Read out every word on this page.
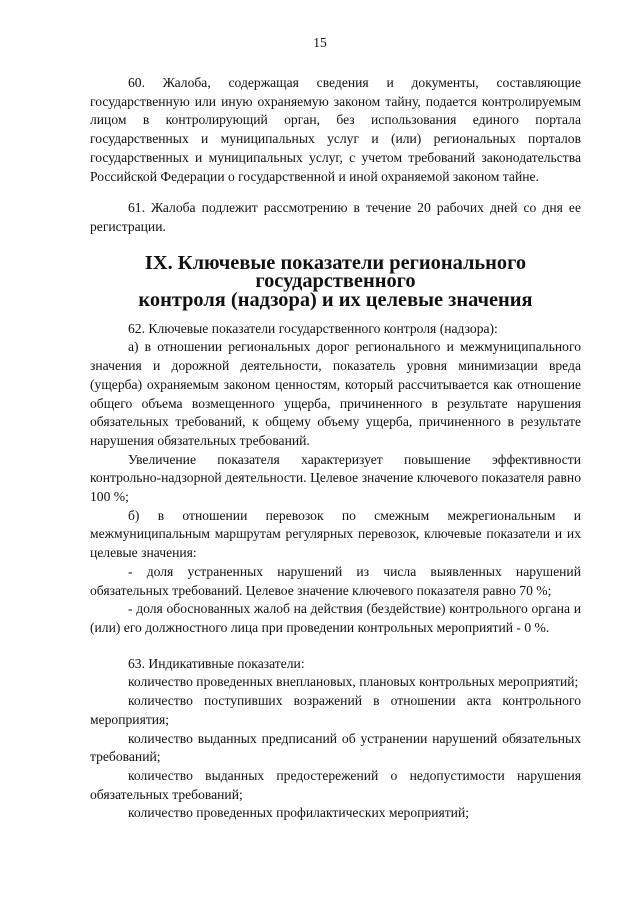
15

60. Жалоба, содержащая сведения и документы, составляющие государственную или иную охраняемую законом тайну, подается контролируемым лицом в контролирующий орган, без использования единого портала государственных и муниципальных услуг и (или) региональных порталов государственных и муниципальных услуг, с учетом требований законодательства Российской Федерации о государственной и иной охраняемой законом тайне.

61. Жалоба подлежит рассмотрению в течение 20 рабочих дней со дня ее регистрации.

IX. Ключевые показатели регионального государственного
контроля (надзора) и их целевые значения

62. Ключевые показатели государственного контроля (надзора):

а) в отношении региональных дорог регионального и межмуниципального значения и дорожной деятельности, показатель уровня минимизации вреда (ущерба) охраняемым законом ценностям, который рассчитывается как отношение общего объема возмещенного ущерба, причиненного в результате нарушения обязательных требований, к общему объему ущерба, причиненного в результате нарушения обязательных требований.

Увеличение показателя характеризует повышение эффективности контрольно-надзорной деятельности. Целевое значение ключевого показателя равно 100 %;

б) в отношении перевозок по смежным межрегиональным и межмуниципальным маршрутам регулярных перевозок, ключевые показатели и их целевые значения:

- доля устраненных нарушений из числа выявленных нарушений обязательных требований. Целевое значение ключевого показателя равно 70 %;

- доля обоснованных жалоб на действия (бездействие) контрольного органа и (или) его должностного лица при проведении контрольных мероприятий - 0 %.

63. Индикативные показатели:

количество проведенных внеплановых, плановых контрольных мероприятий;

количество поступивших возражений в отношении акта контрольного мероприятия;

количество выданных предписаний об устранении нарушений обязательных требований;

количество выданных предостережений о недопустимости нарушения обязательных требований;

количество проведенных профилактических мероприятий;
